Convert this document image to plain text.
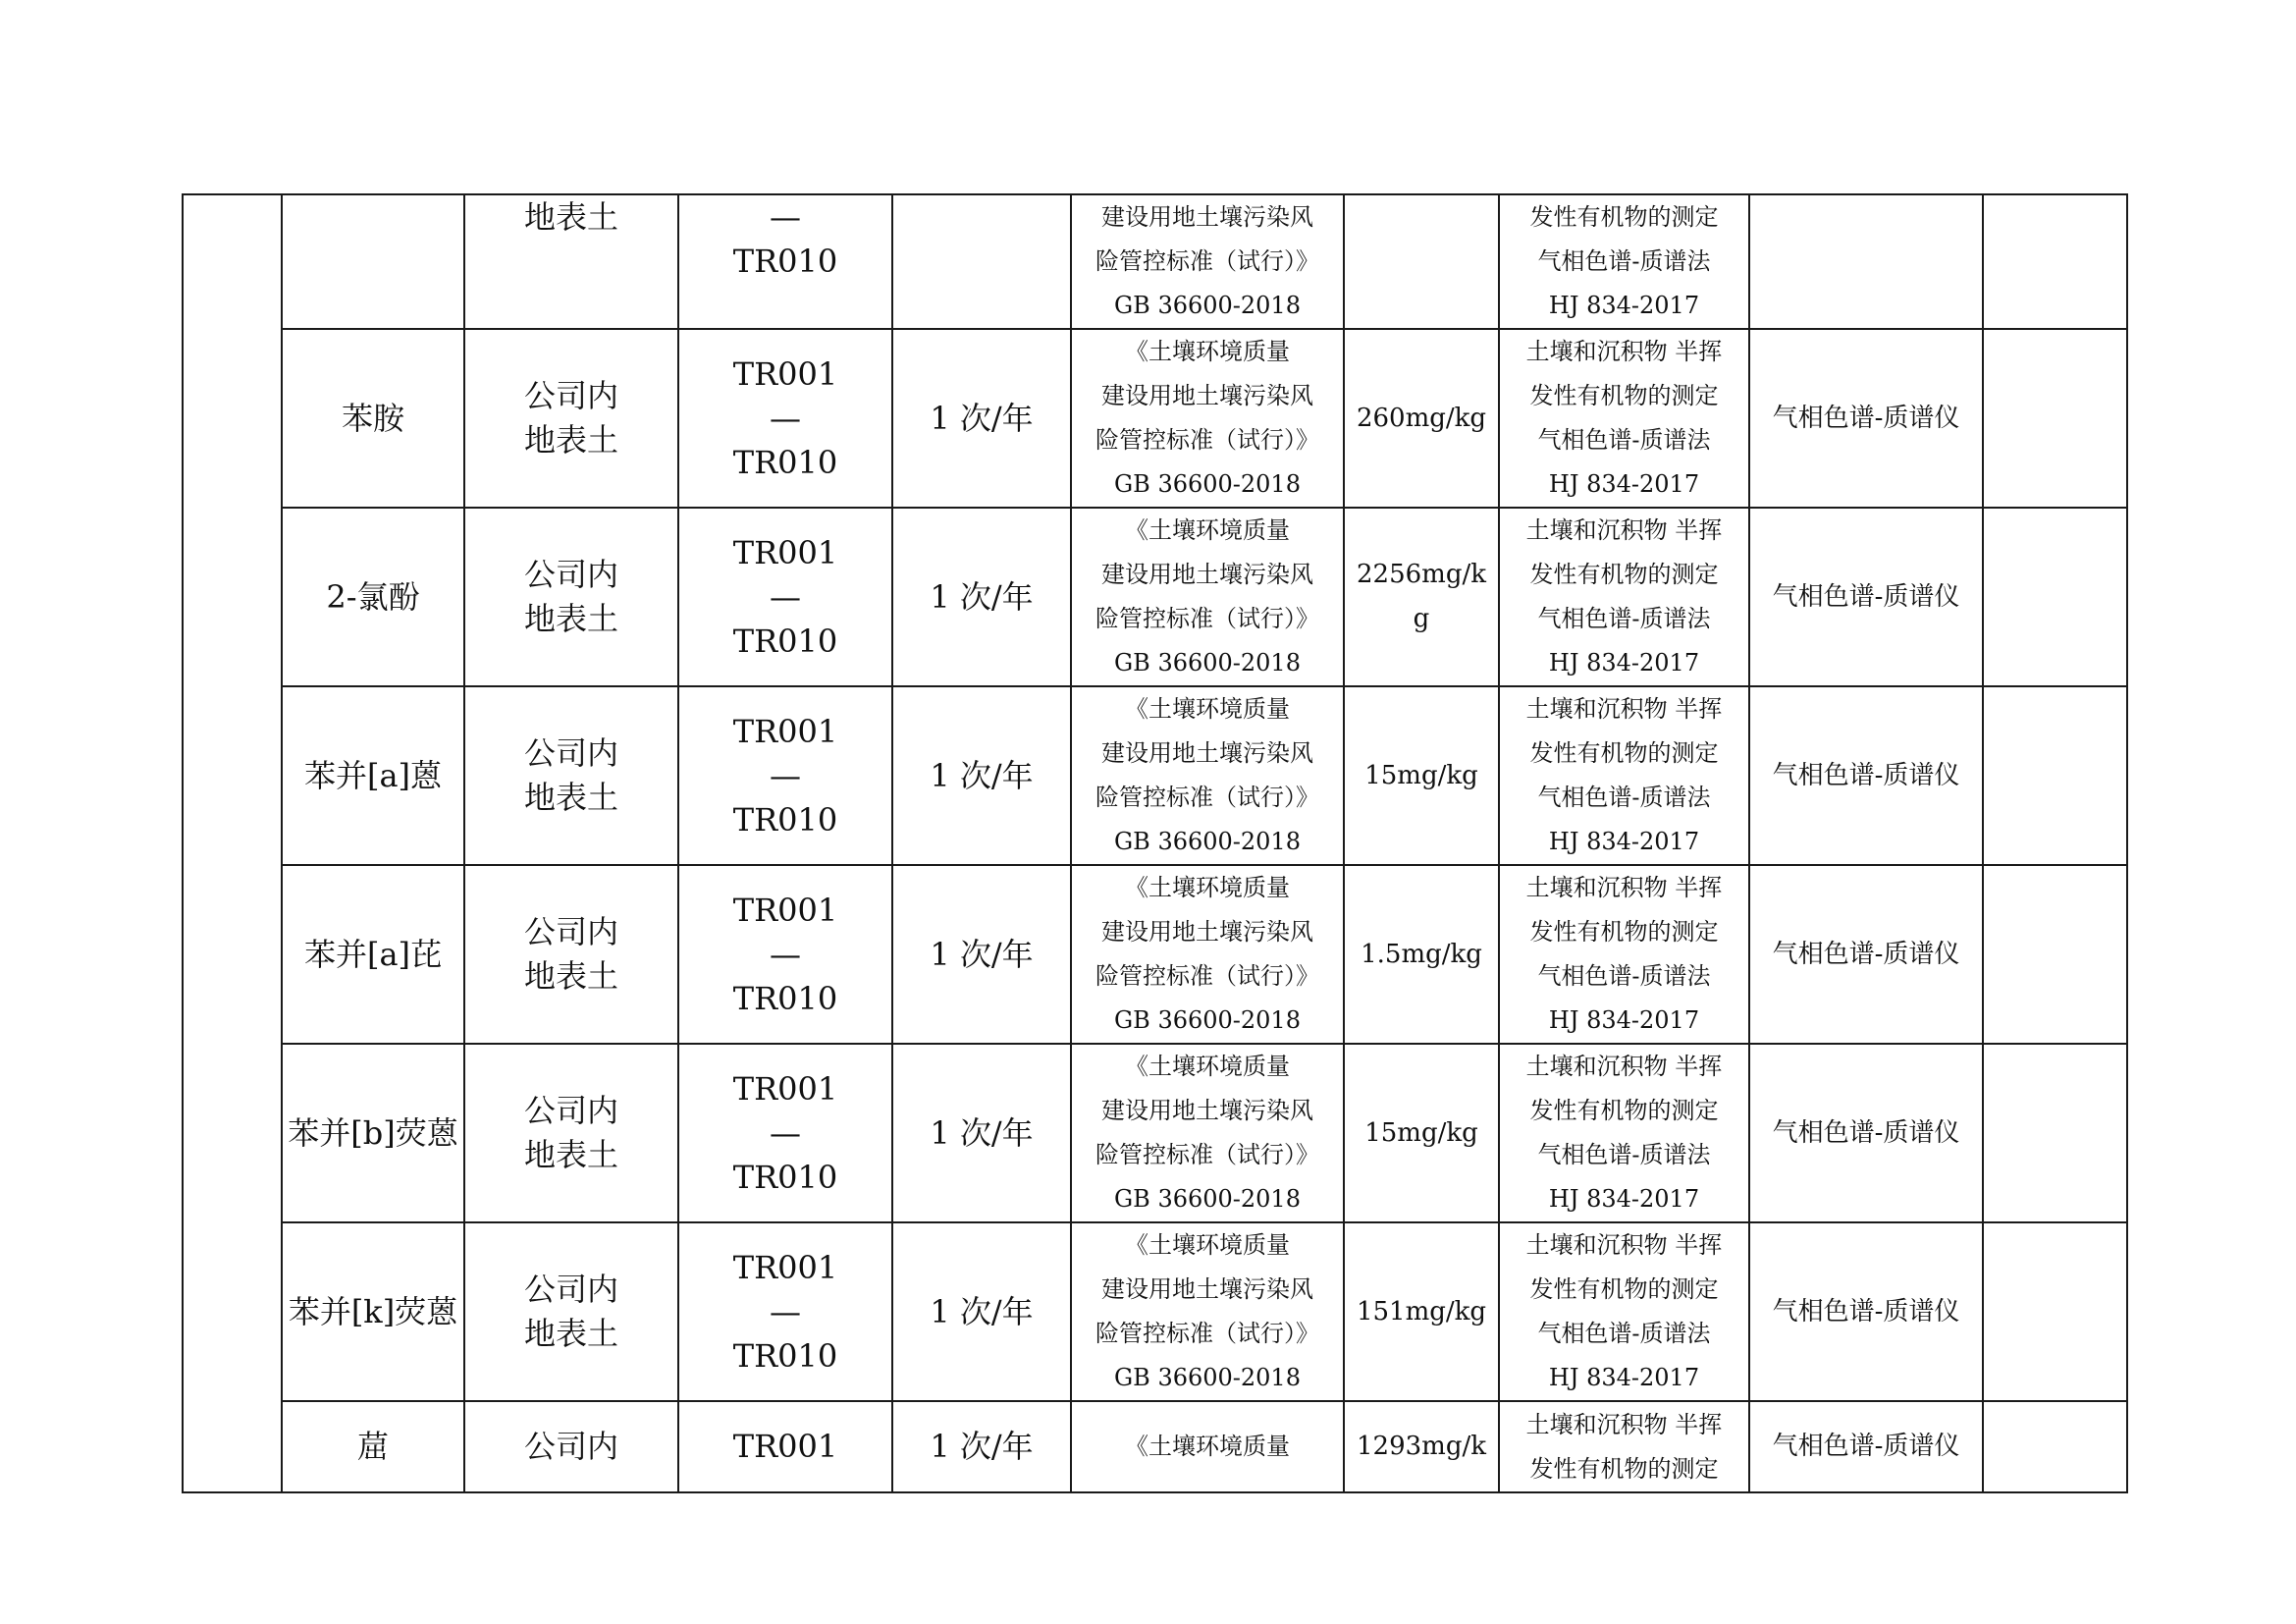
		地表土	—
TR010		建设用地土壤污染风
险管控标准（试行）》
GB 36600-2018		发性有机物的测定
气相色谱-质谱法
HJ 834-2017		

	苯胺	公司内
地表土	TR001
—
TR010	1 次/年	《土壤环境质量
建设用地土壤污染风
险管控标准（试行）》
GB 36600-2018	260mg/kg	土壤和沉积物 半挥
发性有机物的测定
气相色谱-质谱法
HJ 834-2017	气相色谱-质谱仪	

	2-氯酚	公司内
地表土	TR001
—
TR010	1 次/年	《土壤环境质量
建设用地土壤污染风
险管控标准（试行）》
GB 36600-2018	2256mg/kg	土壤和沉积物 半挥
发性有机物的测定
气相色谱-质谱法
HJ 834-2017	气相色谱-质谱仪	

	苯并[a]蒽	公司内
地表土	TR001
—
TR010	1 次/年	《土壤环境质量
建设用地土壤污染风
险管控标准（试行）》
GB 36600-2018	15mg/kg	土壤和沉积物 半挥
发性有机物的测定
气相色谱-质谱法
HJ 834-2017	气相色谱-质谱仪	

	苯并[a]芘	公司内
地表土	TR001
—
TR010	1 次/年	《土壤环境质量
建设用地土壤污染风
险管控标准（试行）》
GB 36600-2018	1.5mg/kg	土壤和沉积物 半挥
发性有机物的测定
气相色谱-质谱法
HJ 834-2017	气相色谱-质谱仪	

	苯并[b]荧蒽	公司内
地表土	TR001
—
TR010	1 次/年	《土壤环境质量
建设用地土壤污染风
险管控标准（试行）》
GB 36600-2018	15mg/kg	土壤和沉积物 半挥
发性有机物的测定
气相色谱-质谱法
HJ 834-2017	气相色谱-质谱仪	

	苯并[k]荧蒽	公司内
地表土	TR001
—
TR010	1 次/年	《土壤环境质量
建设用地土壤污染风
险管控标准（试行）》
GB 36600-2018	151mg/kg	土壤和沉积物 半挥
发性有机物的测定
气相色谱-质谱法
HJ 834-2017	气相色谱-质谱仪	

	䓛	公司内	TR001	1 次/年	《土壤环境质量	1293mg/k	土壤和沉积物 半挥
发性有机物的测定	气相色谱-质谱仪	
